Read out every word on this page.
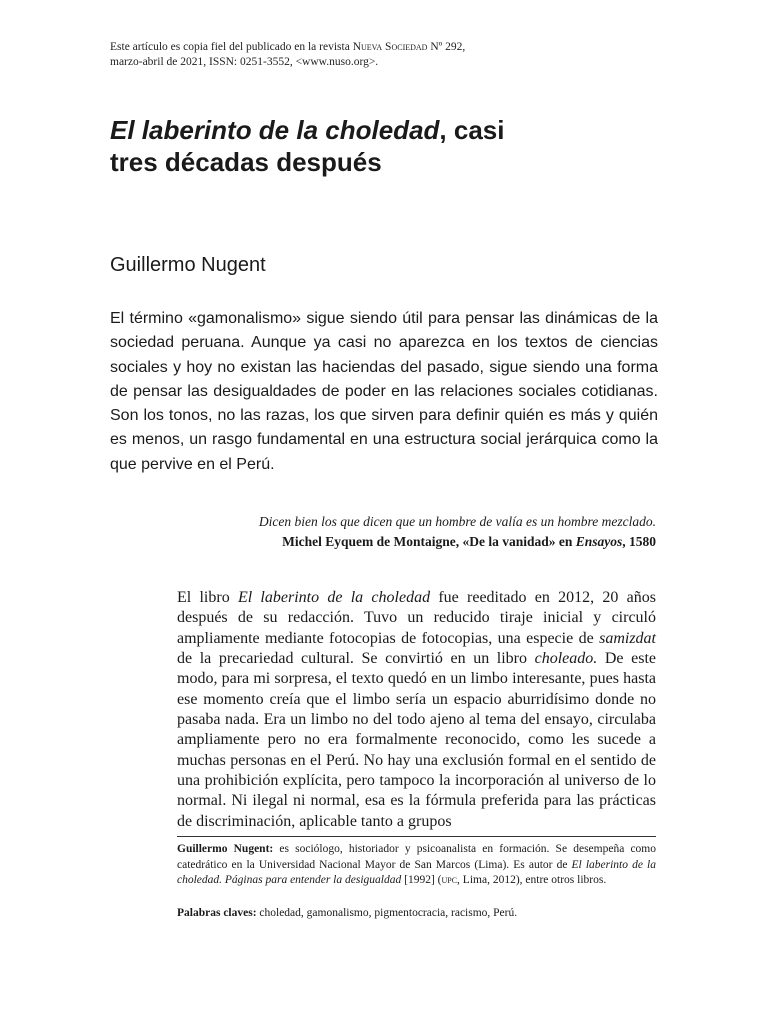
Este artículo es copia fiel del publicado en la revista Nueva Sociedad Nº 292,
marzo-abril de 2021, ISSN: 0251-3552, <www.nuso.org>.
El laberinto de la choledad, casi tres décadas después

Guillermo Nugent

El término «gamonalismo» sigue siendo útil para pensar las dinámicas de la sociedad peruana. Aunque ya casi no aparezca en los textos de ciencias sociales y hoy no existan las haciendas del pasado, sigue siendo una forma de pensar las desigualdades de poder en las relaciones sociales cotidianas. Son los tonos, no las razas, los que sirven para definir quién es más y quién es menos, un rasgo fundamental en una estructura social jerárquica como la que pervive en el Perú.

Dicen bien los que dicen que un hombre de valía es un hombre mezclado.
Michel Eyquem de Montaigne, «De la vanidad» en Ensayos, 1580

El libro El laberinto de la choledad fue reeditado en 2012, 20 años después de su redacción. Tuvo un reducido tiraje inicial y circuló ampliamente mediante fotocopias de fotocopias, una especie de samizdat de la precariedad cultural. Se convirtió en un libro choleado. De este modo, para mi sorpresa, el texto quedó en un limbo interesante, pues hasta ese momento creía que el limbo sería un espacio aburridísimo donde no pasaba nada. Era un limbo no del todo ajeno al tema del ensayo, circulaba ampliamente pero no era formalmente reconocido, como les sucede a muchas personas en el Perú. No hay una exclusión formal en el sentido de una prohibición explícita, pero tampoco la incorporación al universo de lo normal. Ni ilegal ni normal, esa es la fórmula preferida para las prácticas de discriminación, aplicable tanto a grupos

Guillermo Nugent: es sociólogo, historiador y psicoanalista en formación. Se desempeña como catedrático en la Universidad Nacional Mayor de San Marcos (Lima). Es autor de El laberinto de la choledad. Páginas para entender la desigualdad [1992] (upc, Lima, 2012), entre otros libros.

Palabras claves: choledad, gamonalismo, pigmentocracia, racismo, Perú.
